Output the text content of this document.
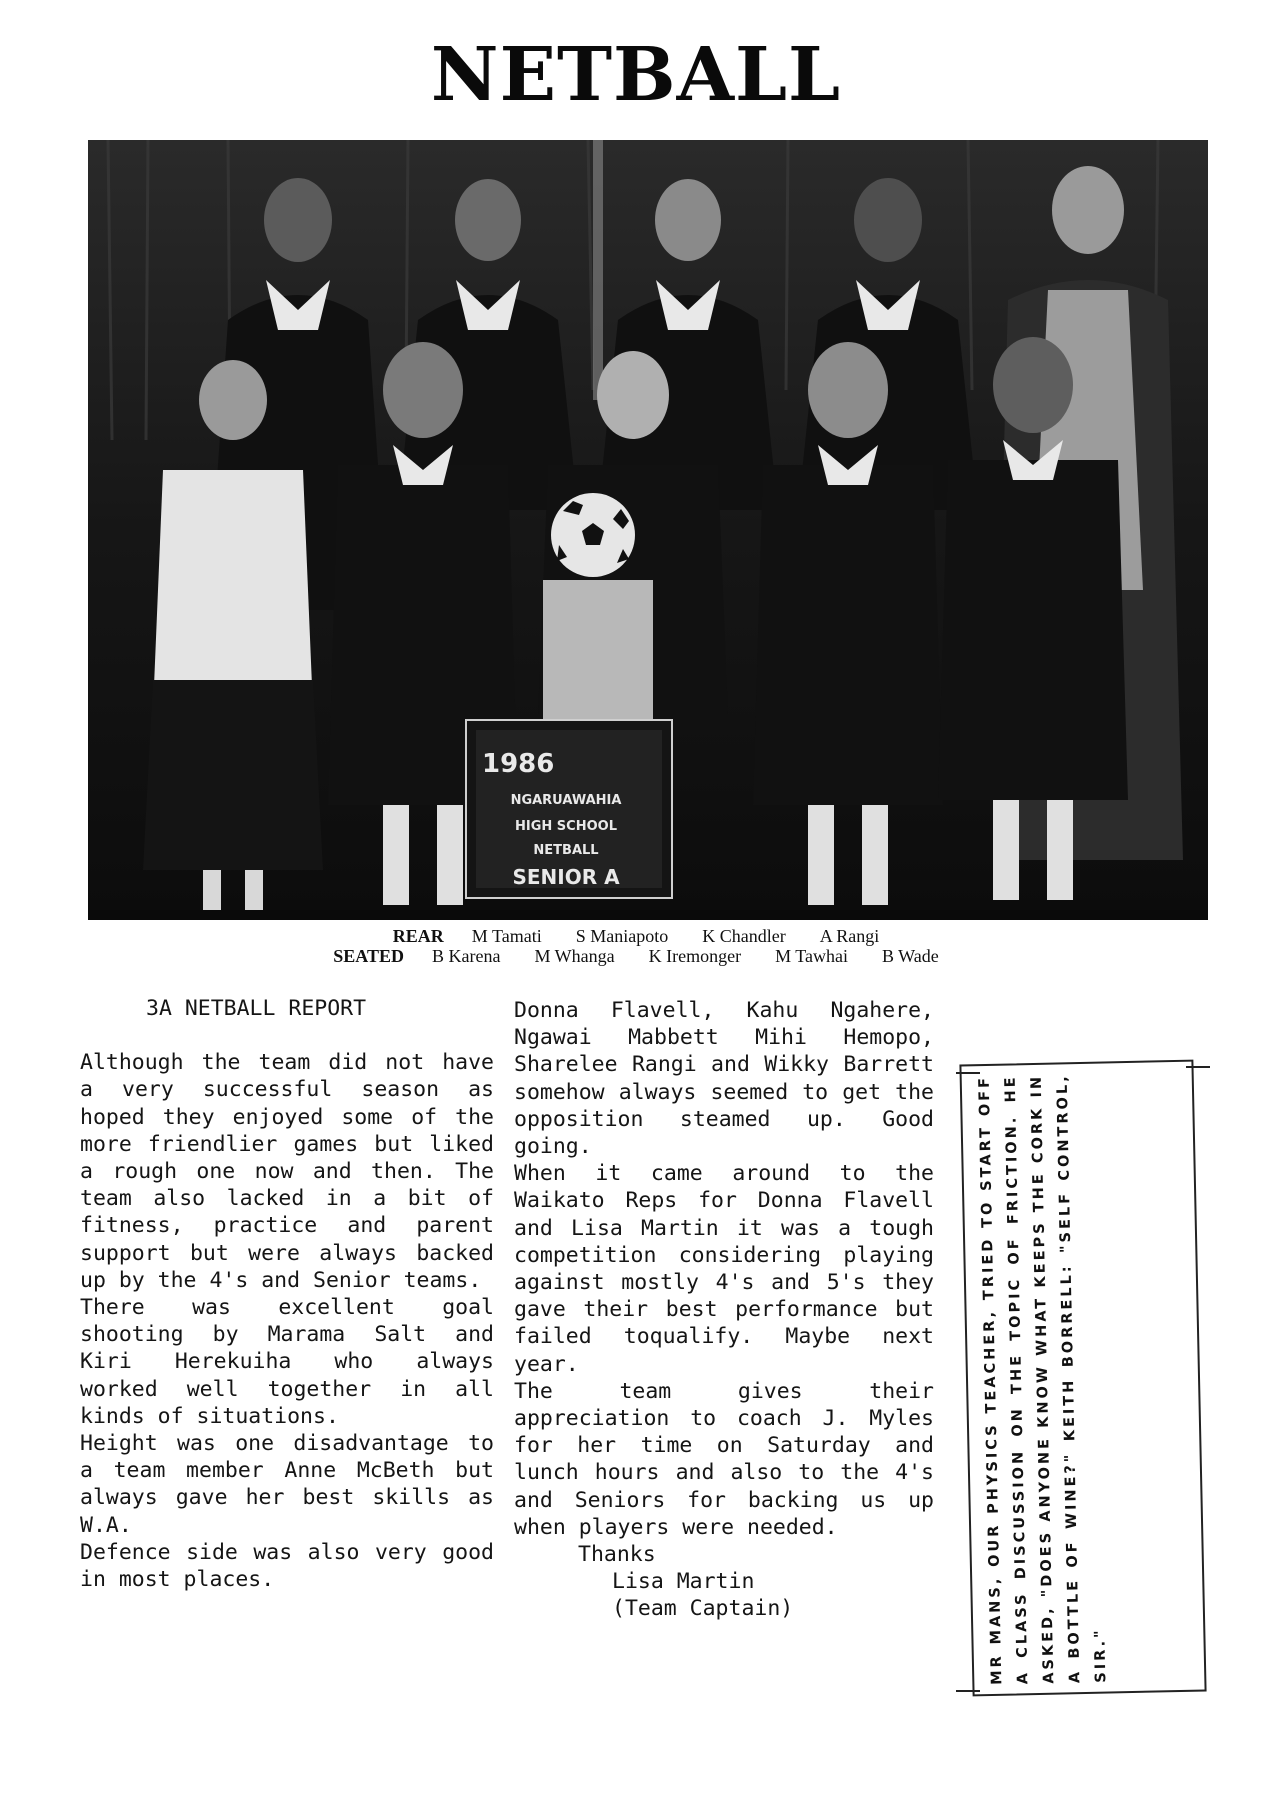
NETBALL
1986
NGARUAWAHIA
HIGH SCHOOL
NETBALL
SENIOR A
REAR M Tamati S Maniapoto K Chandler A Rangi
SEATED B Karena M Whanga K Iremonger M Tawhai B Wade

3A NETBALL REPORT

Although the team did not have a very successful season as hoped they enjoyed some of the more friendlier games but liked a rough one now and then. The team also lacked in a bit of fitness, practice and parent support but were always backed up by the 4's and Senior teams.

There was excellent goal shooting by Marama Salt and Kiri Herekuiha who always worked well together in all kinds of situations.

Height was one disadvantage to a team member Anne McBeth but always gave her best skills as W.A.

Defence side was also very good in most places.

Donna Flavell, Kahu Ngahere, Ngawai Mabbett Mihi Hemopo, Sharelee Rangi and Wikky Barrett somehow always seemed to get the opposition steamed up. Good going.

When it came around to the Waikato Reps for Donna Flavell and Lisa Martin it was a tough competition considering playing against mostly 4's and 5's they gave their best performance but failed toqualify. Maybe next year.

The team gives their appreciation to coach J. Myles for her time on Saturday and lunch hours and also to the 4's and Seniors for backing us up when players were needed.

Thanks

Lisa Martin

(Team Captain)	MR MANS, OUR PHYSICS TEACHER, TRIED TO START OFF A CLASS DISCUSSION ON THE TOPIC OF FRICTION. HE ASKED, "DOES ANYONE KNOW WHAT KEEPS THE CORK IN A BOTTLE OF WINE?" KEITH BORRELL: "SELF CONTROL, SIR."
